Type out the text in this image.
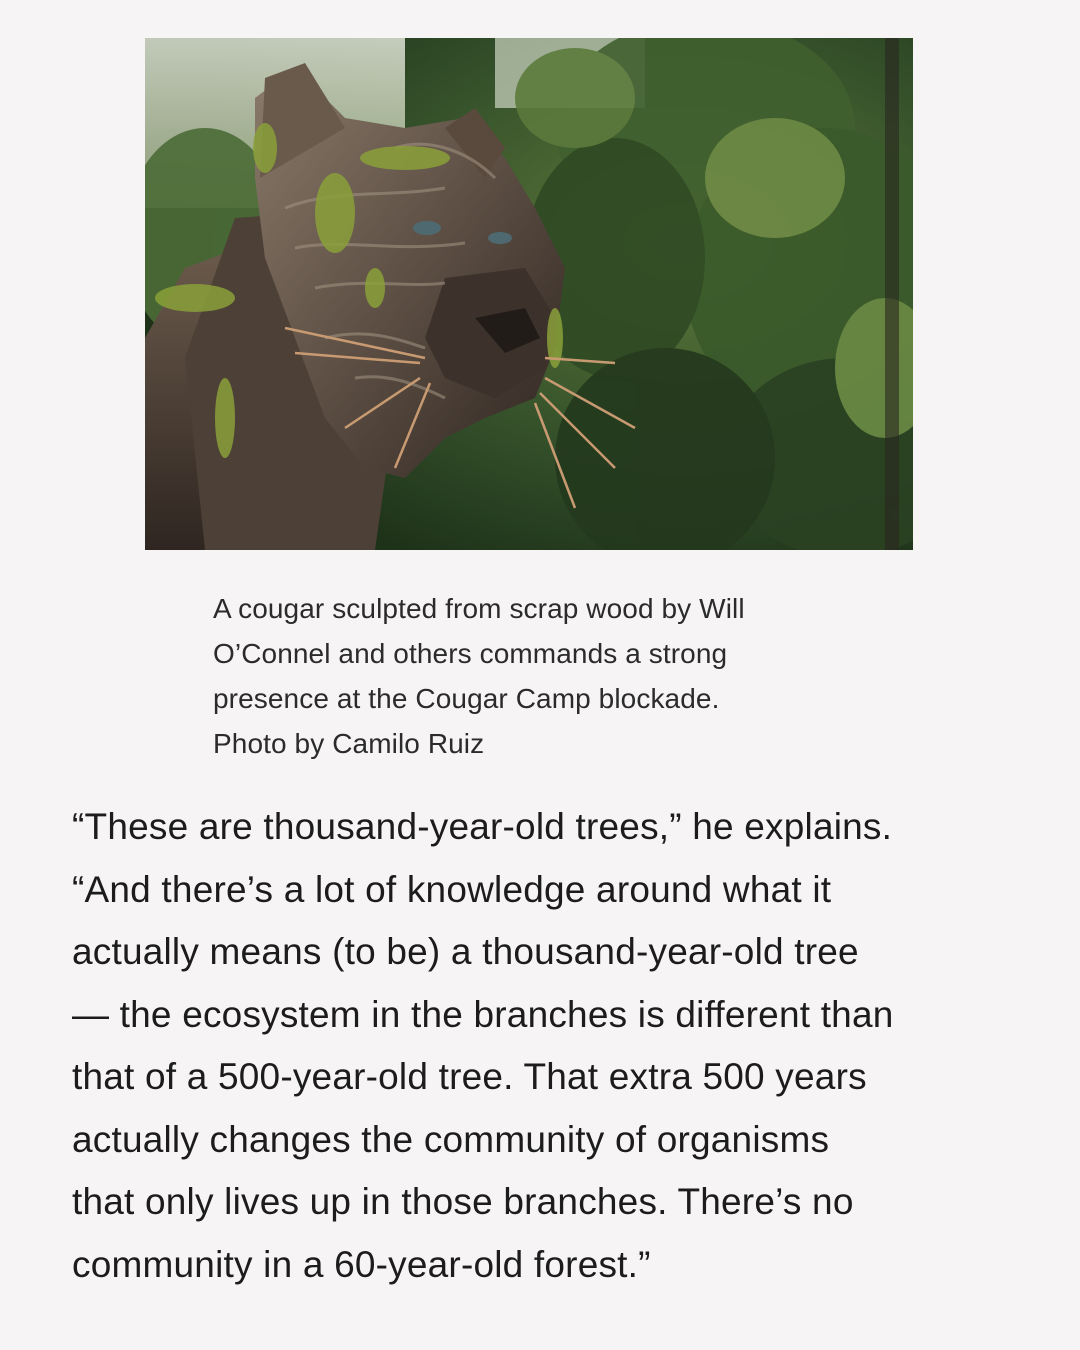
A cougar sculpted from scrap wood by Will
O’Connel and others commands a strong
presence at the Cougar Camp blockade.
Photo by Camilo Ruiz

“These are thousand-year-old trees,” he explains.
“And there’s a lot of knowledge around what it
actually means (to be) a thousand-year-old tree
— the ecosystem in the branches is different than
that of a 500-year-old tree. That extra 500 years
actually changes the community of organisms
that only lives up in those branches. There’s no
community in a 60-year-old forest.”
